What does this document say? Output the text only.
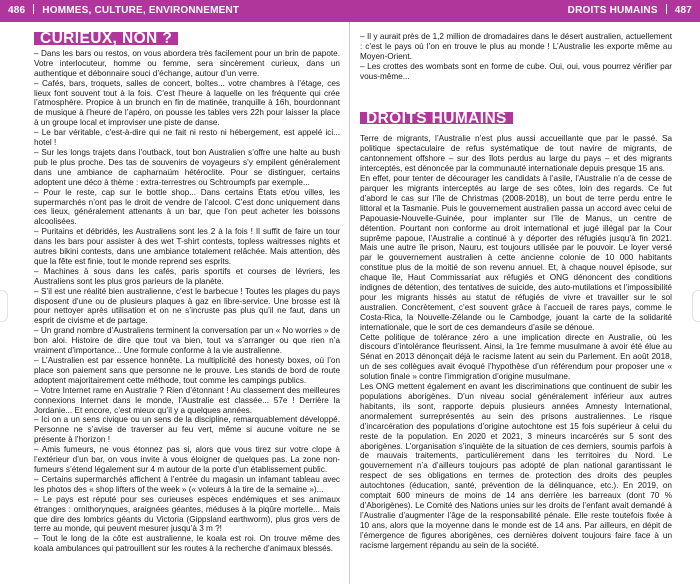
486 HOMMES, CULTURE, ENVIRONNEMENT	DROITS HUMAINS 487
CURIEUX, NON ?

– Dans les bars ou restos, on vous abordera très facilement pour un brin de papote. Votre interlocuteur, homme ou femme, sera sincèrement curieux, dans un authentique et débonnaire souci d’échange, autour d’un verre.

– Cafés, bars, troquets, salles de concert, boîtes... votre chambres à l’étage, ces lieux font souvent tout à la fois. C’est l’heure à laquelle on les fréquente qui crée l’atmosphère. Propice à un brunch en fin de matinée, tranquille à 16h, bourdonnant de musique à l’heure de l’apéro, on pousse les tables vers 22h pour laisser la place à un groupe local et improviser une piste de danse.

– Le bar véritable, c’est-à-dire qui ne fait ni resto ni hébergement, est appelé ici... hotel !

– Sur les longs trajets dans l’outback, tout bon Australien s’offre une halte au bush pub le plus proche. Des tas de souvenirs de voyageurs s’y empilent généralement dans une ambiance de capharnaüm hétéroclite. Pour se distinguer, certains adoptent une déco à thème : extra-terrestres ou Schtroumpfs par exemple...

– Pour le reste, cap sur le bottle shop... Dans certains États et/ou villes, les supermarchés n’ont pas le droit de vendre de l’alcool. C’est donc uniquement dans ces lieux, généralement attenants à un bar, que l’on peut acheter les boissons alcoolisées.

– Puritains et débridés, les Australiens sont les 2 à la fois ! Il suffit de faire un tour dans les bars pour assister à des wet T-shirt contests, topless waitresses nights et autres bikini contests, dans une ambiance totalement relâchée. Mais attention, dès que la fête est finie, tout le monde reprend ses esprits.

– Machines à sous dans les cafés, paris sportifs et courses de lévriers, les Australiens sont les plus gros parieurs de la planète.

– S’il est une réalité bien australienne, c’est le barbecue ! Toutes les plages du pays disposent d’une ou de plusieurs plaques à gaz en libre-service. Une brosse est là pour nettoyer après utilisation et on ne s’incruste pas plus qu’il ne faut, dans un esprit de civisme et de partage.

– Un grand nombre d’Australiens terminent la conversation par un « No worries » de bon aloi. Histoire de dire que tout va bien, tout va s’arranger ou que rien n’a vraiment d’importance... Une formule conforme à la vie australienne.

– L’Australien est par essence honnête. La multiplicité des honesty boxes, où l’on place son paiement sans que personne ne le prouve. Les stands de bord de route adoptent majoritairement cette méthode, tout comme les campings publics.

– Votre Internet rame en Australie ? Rien d’étonnant ! Au classement des meilleures connexions Internet dans le monde, l’Australie est classée... 57e ! Derrière la Jordanie... Et encore, c’est mieux qu’il y a quelques années.

– Ici on a un sens civique ou un sens de la discipline, remarquablement développé. Personne ne s’avise de traverser au feu vert, même si aucune voiture ne se présente à l’horizon !

– Amis fumeurs, ne vous étonnez pas si, alors que vous tirez sur votre clope à l’extérieur d’un bar, on vous invite à vous éloigner de quelques pas. La zone non-fumeurs s’étend légalement sur 4 m autour de la porte d’un établissement public.

– Certains supermarchés affichent à l’entrée du magasin un infamant tableau avec les photos des « shop lifters of the week » (« voleurs à la tire de la semaine »)...

– Le pays est réputé pour ses curieuses espèces endémiques et ses animaux étranges : ornithorynques, araignées géantes, méduses à la piqûre mortelle... Mais que dire des lombrics géants du Victoria (Gippsland earthworm), plus gros vers de terre au monde, qui peuvent mesurer jusqu’à 3 m ?!

– Tout le long de la côte est australienne, le koala est roi. On trouve même des koala ambulances qui patrouillent sur les routes à la recherche d’animaux blessés.

– Il y aurait près de 1,2 million de dromadaires dans le désert australien, actuellement : c’est le pays où l’on en trouve le plus au monde ! L’Australie les exporte même au Moyen-Orient.

– Les crottes des wombats sont en forme de cube. Oui, oui, vous pourrez vérifier par vous-même...

DROITS HUMAINS

Terre de migrants, l’Australie n’est plus aussi accueillante que par le passé. Sa politique spectaculaire de refus systématique de tout navire de migrants, de cantonnement offshore – sur des îlots perdus au large du pays – et des migrants interceptés, est dénoncée par la communauté internationale depuis presque 15 ans.

En effet, pour tenter de décourager les candidats à l’asile, l’Australie n’a de cesse de parquer les migrants interceptés au large de ses côtes, loin des regards. Ce fut d’abord le cas sur l’île de Christmas (2008-2018), un bout de terre perdu entre le littoral et la Tasmanie. Puis le gouvernement australien passa un accord avec celui de Papouasie-Nouvelle-Guinée, pour implanter sur l’île de Manus, un centre de détention. Pourtant non conforme au droit international et jugé illégal par la Cour suprême papoue, l’Australie a continué à y déporter des réfugiés jusqu’à fin 2021. Mais une autre île prison, Nauru, est toujours utilisée par le pouvoir. Le loyer versé par le gouvernement australien à cette ancienne colonie de 10 000 habitants constitue plus de la moitié de son revenu annuel. Et, à chaque nouvel épisode, sur chaque île, Haut Commissariat aux réfugiés et ONG dénoncent des conditions indignes de détention, des tentatives de suicide, des auto-mutilations et l’impossibilité pour les migrants hissés au statut de réfugiés de vivre et travailler sur le sol australien. Concrètement, c’est souvent grâce à l’accueil de rares pays, comme le Costa-Rica, la Nouvelle-Zélande ou le Cambodge, jouant la carte de la solidarité internationale, que le sort de ces demandeurs d’asile se dénoue.

Cette politique de tolérance zéro a une implication directe en Australie, où les discours d’intolérance fleurissent. Ainsi, la 1re femme musulmane à avoir été élue au Sénat en 2013 dénonçait déjà le racisme latent au sein du Parlement. En août 2018, un de ses collègues avait évoqué l’hypothèse d’un référendum pour proposer une « solution finale » contre l’immigration d’origine musulmane.

Les ONG mettent également en avant les discriminations que continuent de subir les populations aborigènes. D’un niveau social généralement inférieur aux autres habitants, ils sont, rapporte depuis plusieurs années Amnesty International, anormalement surreprésentés au sein des prisons australiennes. Le risque d’incarcération des populations d’origine autochtone est 15 fois supérieur à celui du reste de la population. En 2020 et 2021, 3 mineurs incarcérés sur 5 sont des aborigènes. L’organisation s’inquiète de la situation de ces derniers, soumis parfois à de mauvais traitements, particulièrement dans les territoires du Nord. Le gouvernement n’a d’ailleurs toujours pas adopté de plan national garantissant le respect de ses obligations en termes de protection des droits des peuples autochtones (éducation, santé, prévention de la délinquance, etc.). En 2019, on comptait 600 mineurs de moins de 14 ans derrière les barreaux (dont 70 % d’Aborigènes). Le Comité des Nations unies sur les droits de l’enfant avait demandé à l’Australie d’augmenter l’âge de la responsabilité pénale. Elle reste toutefois fixée à 10 ans, alors que la moyenne dans le monde est de 14 ans. Par ailleurs, en dépit de l’émergence de figures aborigènes, ces dernières doivent toujours faire face à un racisme largement répandu au sein de la société.
